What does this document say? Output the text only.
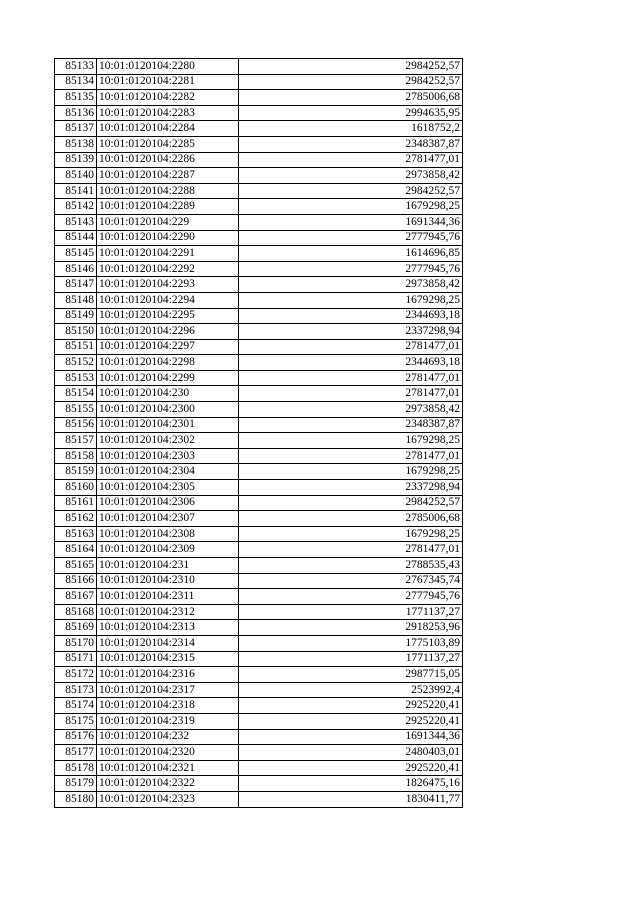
85133	10:01:0120104:2280	2984252,57
85134	10:01:0120104:2281	2984252,57
85135	10:01:0120104:2282	2785006,68
85136	10:01:0120104:2283	2994635,95
85137	10:01:0120104:2284	1618752,2
85138	10:01:0120104:2285	2348387,87
85139	10:01:0120104:2286	2781477,01
85140	10:01:0120104:2287	2973858,42
85141	10:01:0120104:2288	2984252,57
85142	10:01:0120104:2289	1679298,25
85143	10:01:0120104:229	1691344,36
85144	10:01:0120104:2290	2777945,76
85145	10:01:0120104:2291	1614696,85
85146	10:01:0120104:2292	2777945,76
85147	10:01:0120104:2293	2973858,42
85148	10:01:0120104:2294	1679298,25
85149	10:01:0120104:2295	2344693,18
85150	10:01:0120104:2296	2337298,94
85151	10:01:0120104:2297	2781477,01
85152	10:01:0120104:2298	2344693,18
85153	10:01:0120104:2299	2781477,01
85154	10:01:0120104:230	2781477,01
85155	10:01:0120104:2300	2973858,42
85156	10:01:0120104:2301	2348387,87
85157	10:01:0120104:2302	1679298,25
85158	10:01:0120104:2303	2781477,01
85159	10:01:0120104:2304	1679298,25
85160	10:01:0120104:2305	2337298,94
85161	10:01:0120104:2306	2984252,57
85162	10:01:0120104:2307	2785006,68
85163	10:01:0120104:2308	1679298,25
85164	10:01:0120104:2309	2781477,01
85165	10:01:0120104:231	2788535,43
85166	10:01:0120104:2310	2767345,74
85167	10:01:0120104:2311	2777945,76
85168	10:01:0120104:2312	1771137,27
85169	10:01:0120104:2313	2918253,96
85170	10:01:0120104:2314	1775103,89
85171	10:01:0120104:2315	1771137,27
85172	10:01:0120104:2316	2987715,05
85173	10:01:0120104:2317	2523992,4
85174	10:01:0120104:2318	2925220,41
85175	10:01:0120104:2319	2925220,41
85176	10:01:0120104:232	1691344,36
85177	10:01:0120104:2320	2480403,01
85178	10:01:0120104:2321	2925220,41
85179	10:01:0120104:2322	1826475,16
85180	10:01:0120104:2323	1830411,77
